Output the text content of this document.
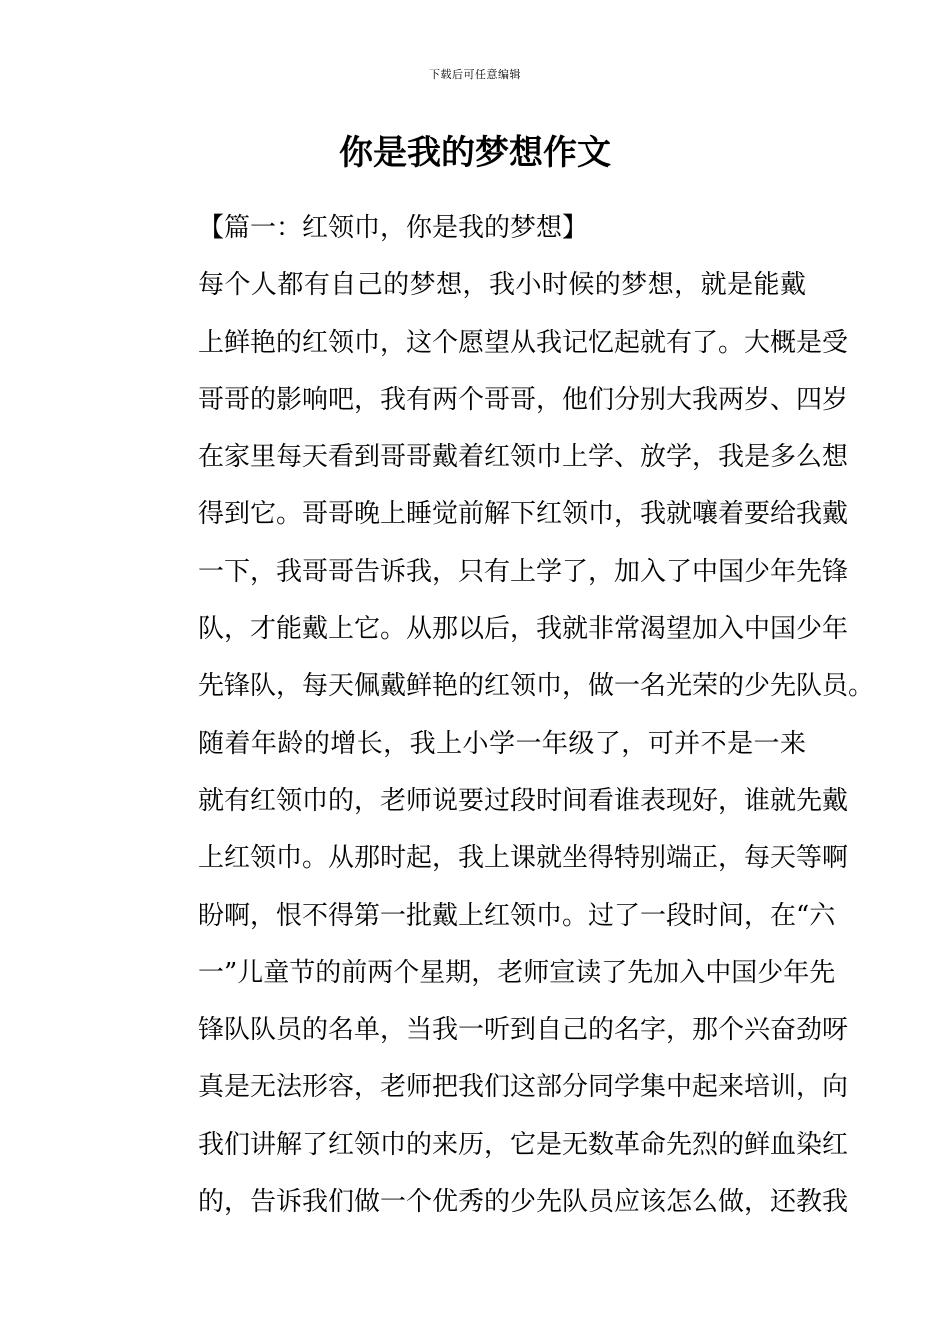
下载后可任意编辑
你是我的梦想作文

【篇一：红领巾，你是我的梦想】

每个人都有自己的梦想，我小时候的梦想，就是能戴
上鲜艳的红领巾，这个愿望从我记忆起就有了。大概是受
哥哥的影响吧，我有两个哥哥，他们分别大我两岁、四岁
在家里每天看到哥哥戴着红领巾上学、放学，我是多么想
得到它。哥哥晚上睡觉前解下红领巾，我就嚷着要给我戴
一下，我哥哥告诉我，只有上学了，加入了中国少年先锋
队，才能戴上它。从那以后，我就非常渴望加入中国少年
先锋队，每天佩戴鲜艳的红领巾，做一名光荣的少先队员。

随着年龄的增长，我上小学一年级了，可并不是一来
就有红领巾的，老师说要过段时间看谁表现好，谁就先戴
上红领巾。从那时起，我上课就坐得特别端正，每天等啊
盼啊，恨不得第一批戴上红领巾。过了一段时间，在“六
一”儿童节的前两个星期，老师宣读了先加入中国少年先
锋队队员的名单，当我一听到自己的名字，那个兴奋劲呀
真是无法形容，老师把我们这部分同学集中起来培训，向
我们讲解了红领巾的来历，它是无数革命先烈的鲜血染红
的，告诉我们做一个优秀的少先队员应该怎么做，还教我
